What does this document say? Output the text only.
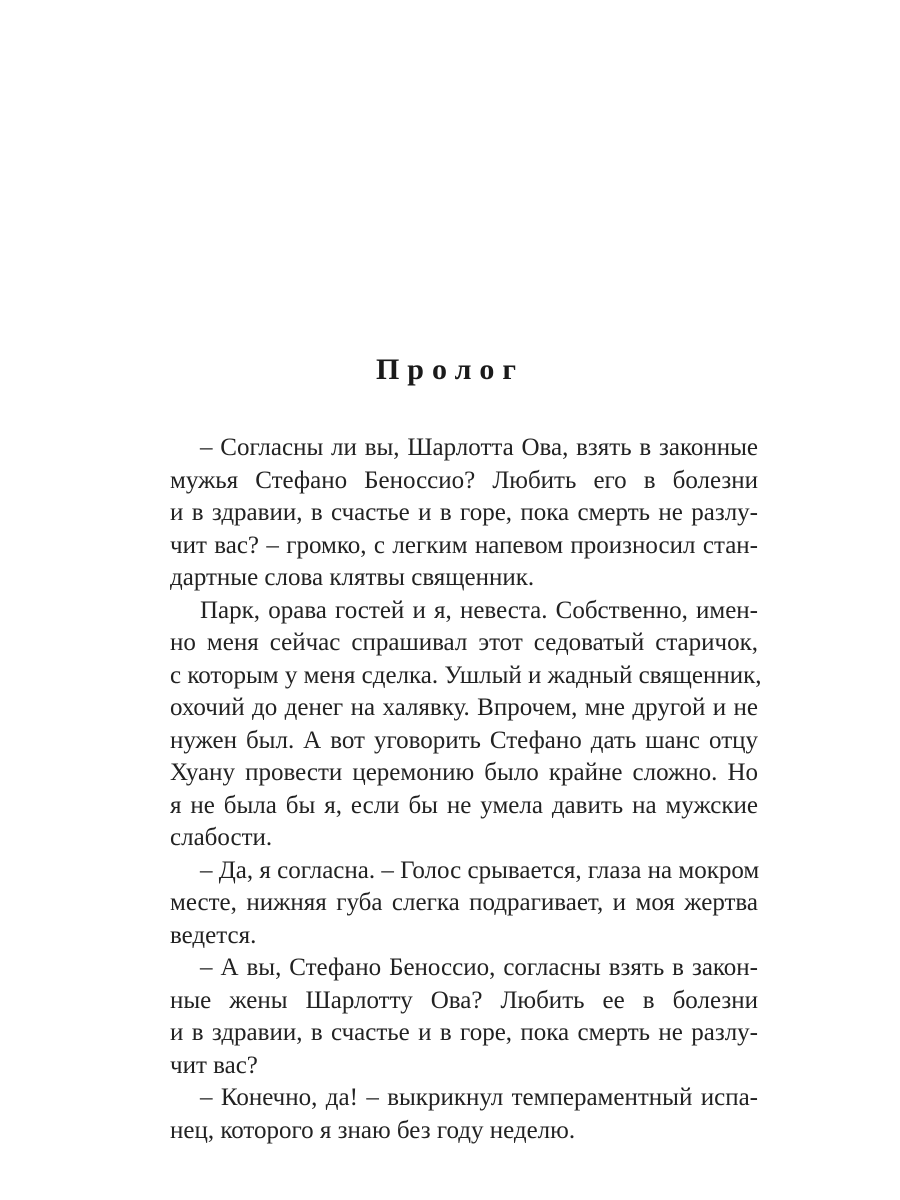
Пролог
– Согласны ли вы, Шарлотта Ова, взять в законные
мужья Стефано Беноссио? Любить его в болезни
и в здравии, в счастье и в горе, пока смерть не разлу-
чит вас? – громко, с легким напевом произносил стан-
дартные слова клятвы священник.
Парк, орава гостей и я, невеста. Собственно, имен-
но меня сейчас спрашивал этот седоватый старичок,
с которым у меня сделка. Ушлый и жадный священник,
охочий до денег на халявку. Впрочем, мне другой и не
нужен был. А вот уговорить Стефано дать шанс отцу
Хуану провести церемонию было крайне сложно. Но
я не была бы я, если бы не умела давить на мужские
слабости.
– Да, я согласна. – Голос срывается, глаза на мокром
месте, нижняя губа слегка подрагивает, и моя жертва
ведется.
– А вы, Стефано Беноссио, согласны взять в закон-
ные жены Шарлотту Ова? Любить ее в болезни
и в здравии, в счастье и в горе, пока смерть не разлу-
чит вас?
– Конечно, да! – выкрикнул темпераментный испа-
нец, которого я знаю без году неделю.
